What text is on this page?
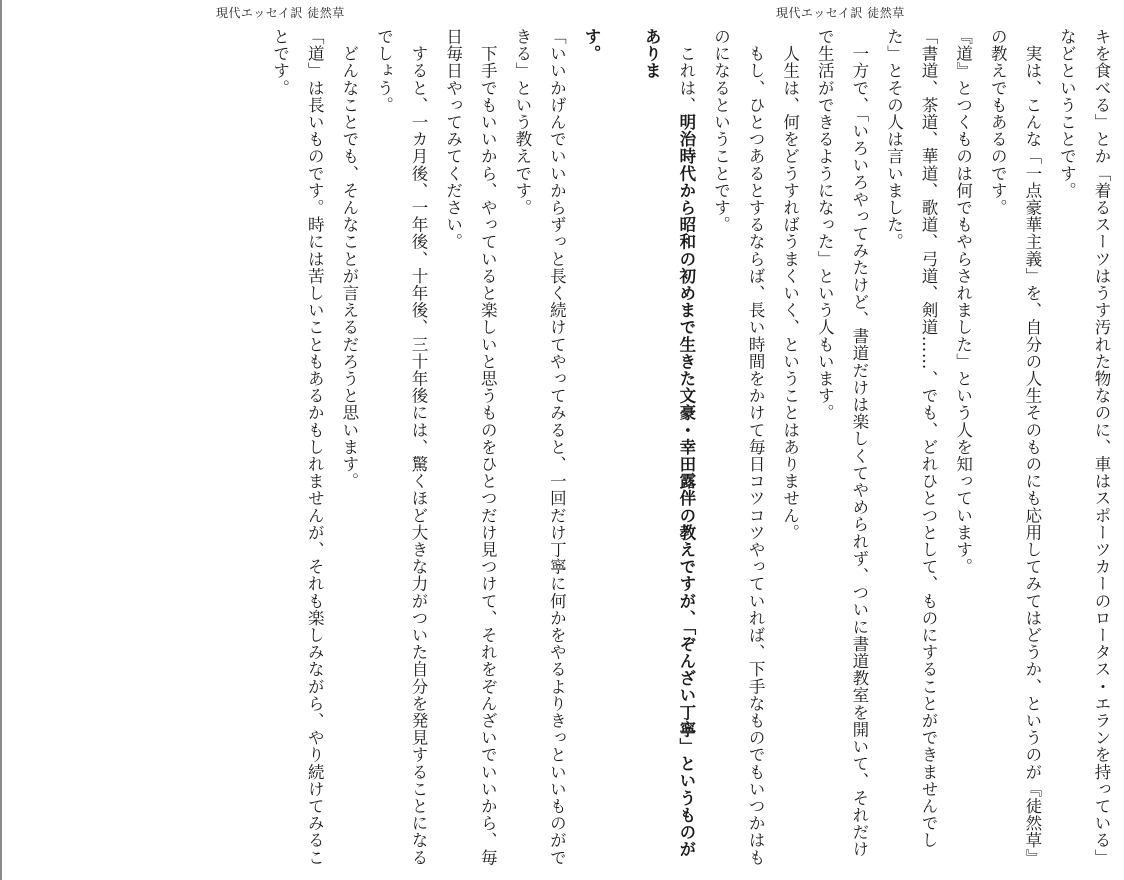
現代エッセイ訳 徒然草
す。
「いいかげんでいいからずっと長く続けてやってみると、一回だけ丁寧に何かをやるよりきっといいものができる」という教えです。
　下手でもいいから、やっていると楽しいと思うものをひとつだけ見つけて、それをぞんざいでいいから、毎日毎日やってみてください。
　すると、一カ月後、一年後、十年後、三十年後には、驚くほど大きな力がついた自分を発見することになるでしょう。
　どんなことでも、そんなことが言えるだろうと思います。
「道」は長いものです。時には苦しいこともあるかもしれませんが、それも楽しみながら、やり続けてみることです。
現代エッセイ訳 徒然草
キを食べる」とか「着るスーツはうす汚れた物なのに、車はスポーツカーのロータス・エランを持っている」などということです。
　実は、こんな「一点豪華主義」を、自分の人生そのものにも応用してみてはどうか、というのが『徒然草』の教えでもあるのです。
『道』とつくものは何でもやらされました」という人を知っています。
「書道、茶道、華道、歌道、弓道、剣道……、でも、どれひとつとして、ものにすることができませんでした」とその人は言いました。
　一方で、「いろいろやってみたけど、書道だけは楽しくてやめられず、ついに書道教室を開いて、それだけで生活ができるようになった」という人もいます。
　人生は、何をどうすればうまくいく、ということはありません。
　もし、ひとつあるとするならば、長い時間をかけて毎日コツコツやっていれば、下手なものでもいつかはものになるということです。
　これは、明治時代から昭和の初めまで生きた文豪・幸田露伴の教えですが、「ぞんざい丁寧」というものがありま
